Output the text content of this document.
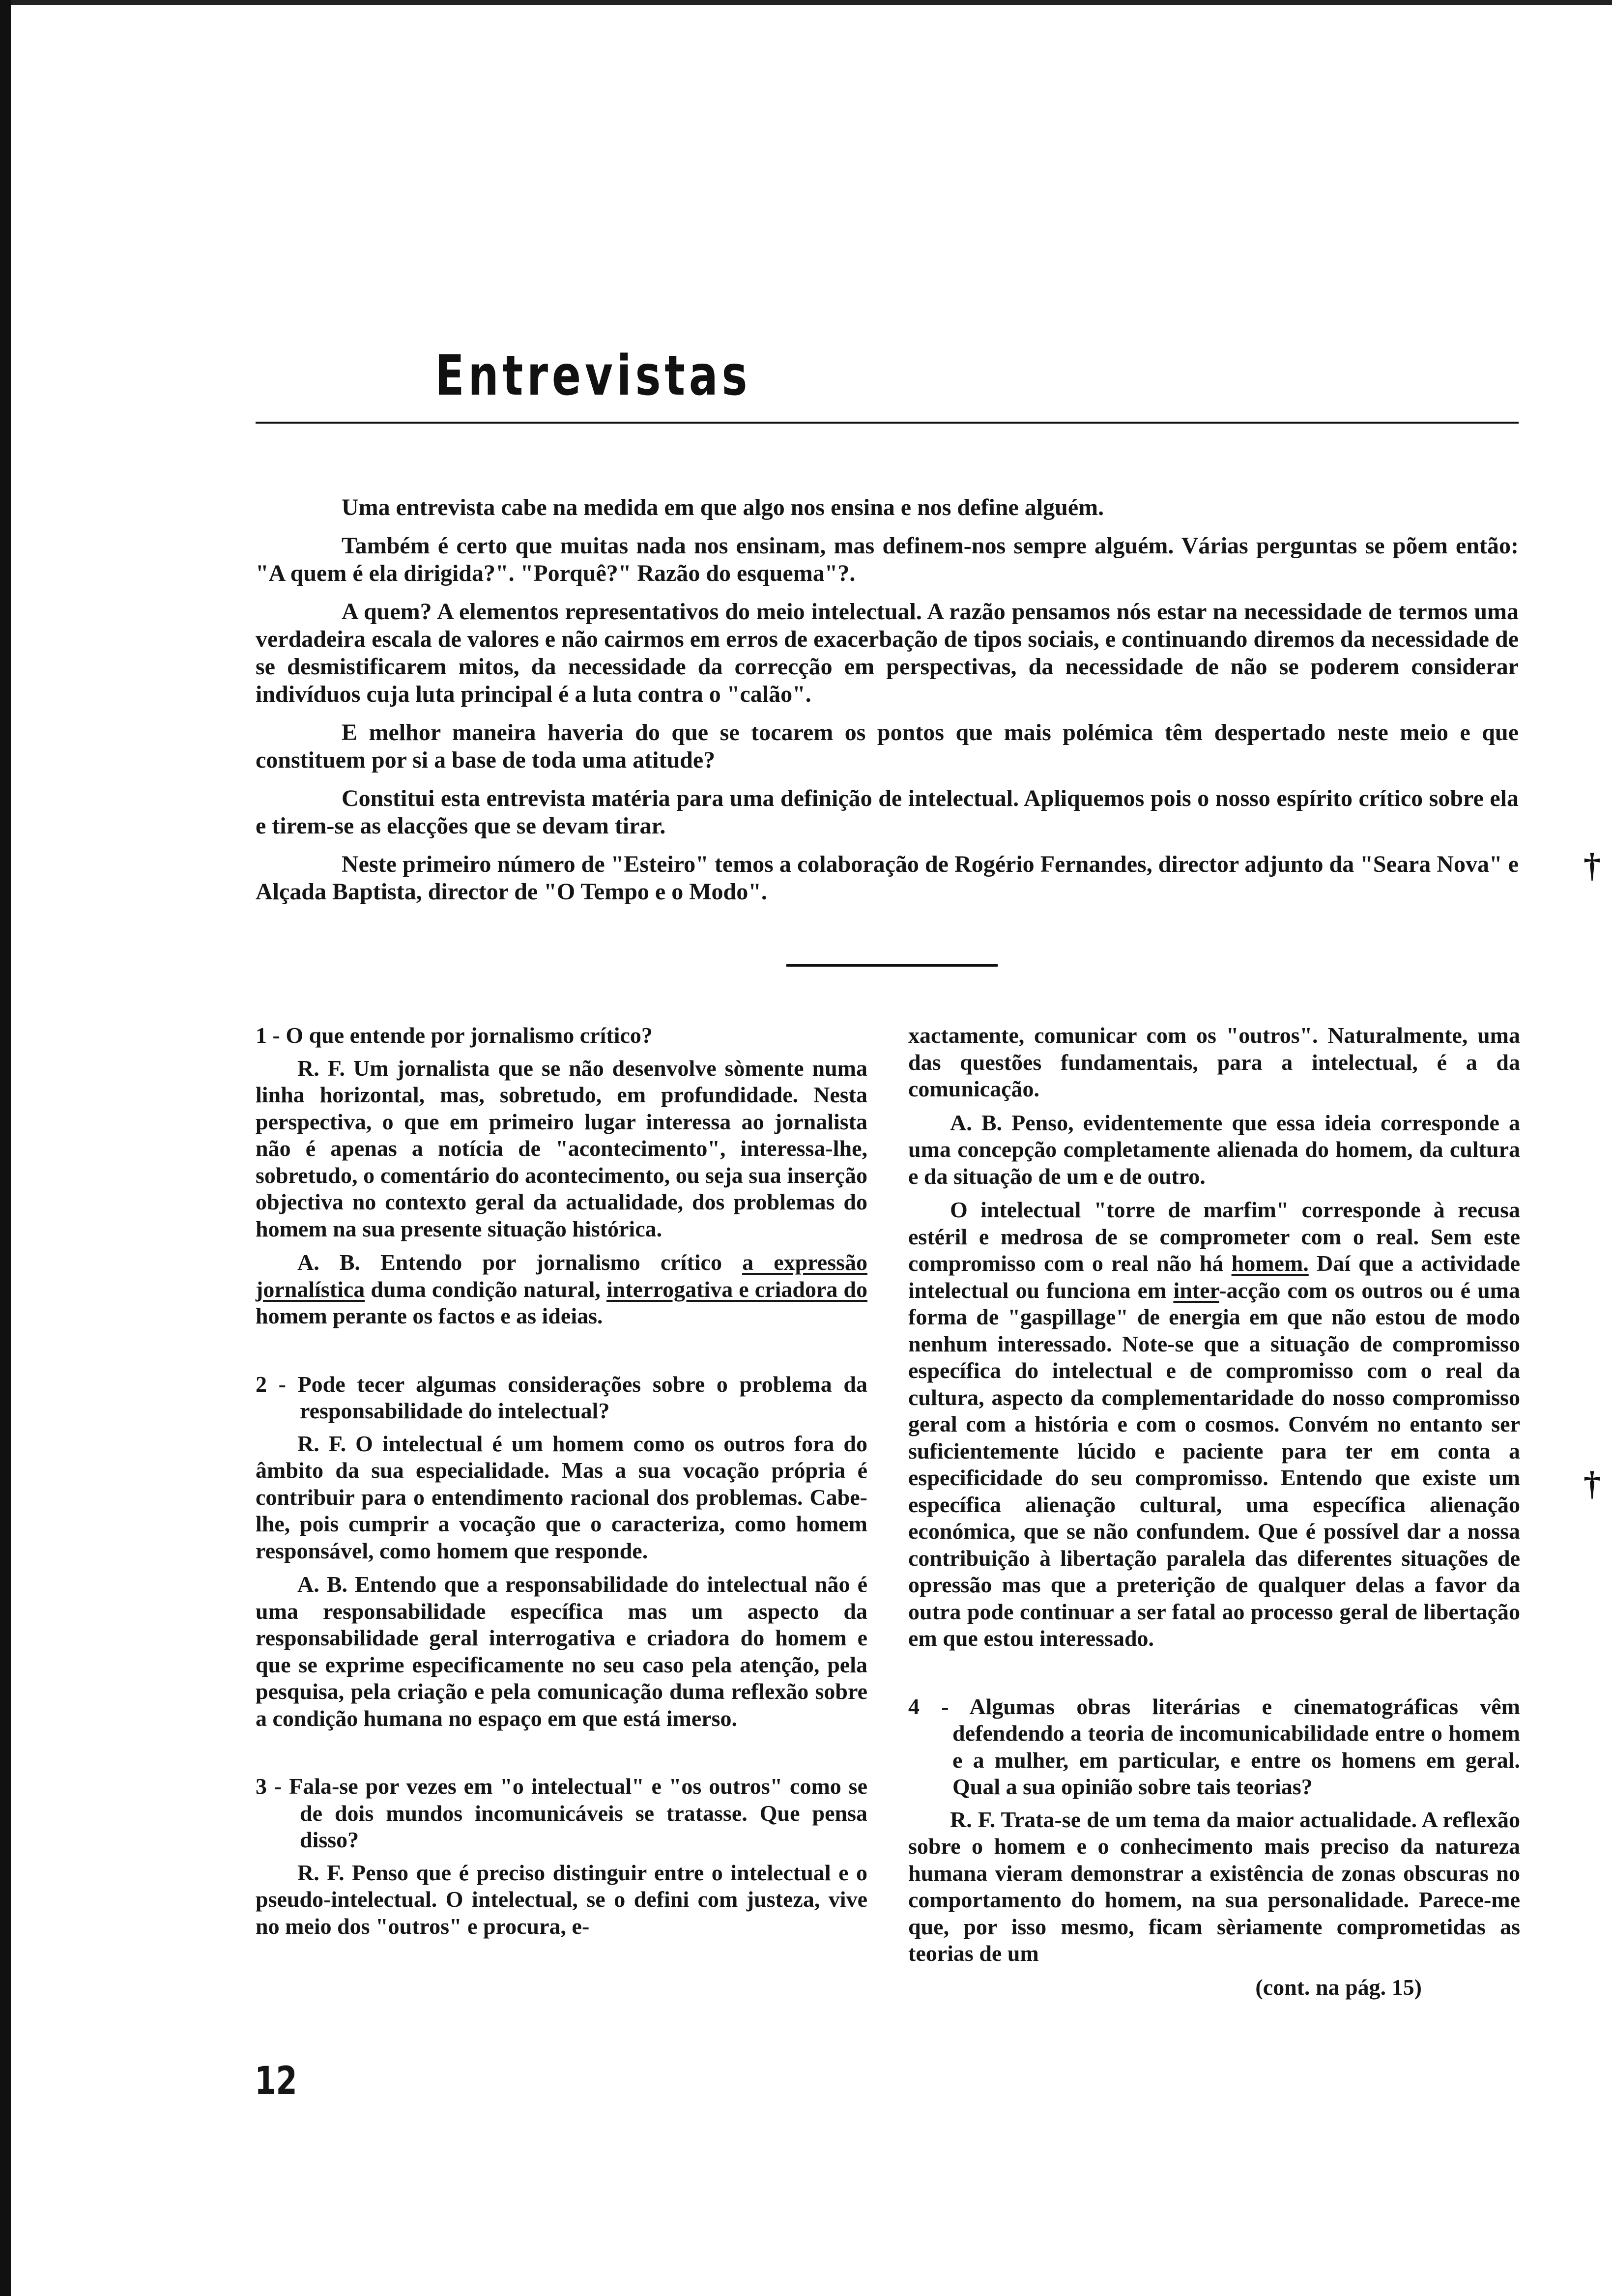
Entrevistas

Uma entrevista cabe na medida em que algo nos ensina e nos define alguém.

Também é certo que muitas nada nos ensinam, mas definem-nos sempre alguém. Várias perguntas se põem então: "A quem é ela dirigida?". "Porquê?" Razão do esquema"?.

A quem? A elementos representativos do meio intelectual. A razão pensamos nós estar na necessidade de termos uma verdadeira escala de valores e não cairmos em erros de exacerbação de tipos sociais, e continuando diremos da necessidade de se desmistificarem mitos, da necessidade da correcção em perspectivas, da necessidade de não se poderem considerar indivíduos cuja luta principal é a luta contra o "calão".

E melhor maneira haveria do que se tocarem os pontos que mais polémica têm despertado neste meio e que constituem por si a base de toda uma atitude?

Constitui esta entrevista matéria para uma definição de intelectual. Apliquemos pois o nosso espírito crítico sobre ela e tirem-se as elacções que se devam tirar.

Neste primeiro número de "Esteiro" temos a colaboração de Rogério Fernandes, director adjunto da "Seara Nova" e Alçada Baptista, director de "O Tempo e o Modo".

1 - O que entende por jornalismo crítico?

R. F. Um jornalista que se não desenvolve sòmente numa linha horizontal, mas, sobretudo, em profundidade. Nesta perspectiva, o que em primeiro lugar interessa ao jornalista não é apenas a notícia de "acontecimento", interessa-lhe, sobretudo, o comentário do acontecimento, ou seja sua inserção objectiva no contexto geral da actualidade, dos problemas do homem na sua presente situação histórica.

A. B. Entendo por jornalismo crítico a expressão jornalística duma condição natural, interrogativa e criadora do homem perante os factos e as ideias.

2 - Pode tecer algumas considerações sobre o problema da responsabilidade do intelectual?

R. F. O intelectual é um homem como os outros fora do âmbito da sua especialidade. Mas a sua vocação própria é contribuir para o entendimento racional dos problemas. Cabe-lhe, pois cumprir a vocação que o caracteriza, como homem responsável, como homem que responde.

A. B. Entendo que a responsabilidade do intelectual não é uma responsabilidade específica mas um aspecto da responsabilidade geral interrogativa e criadora do homem e que se exprime especificamente no seu caso pela atenção, pela pesquisa, pela criação e pela comunicação duma reflexão sobre a condição humana no espaço em que está imerso.

3 - Fala-se por vezes em "o intelectual" e "os outros" como se de dois mundos incomunicáveis se tratasse. Que pensa disso?

R. F. Penso que é preciso distinguir entre o intelectual e o pseudo-intelectual. O intelectual, se o defini com justeza, vive no meio dos "outros" e procura, e-

xactamente, comunicar com os "outros". Naturalmente, uma das questões fundamentais, para a intelectual, é a da comunicação.

A. B. Penso, evidentemente que essa ideia corresponde a uma concepção completamente alienada do homem, da cultura e da situação de um e de outro.

O intelectual "torre de marfim" corresponde à recusa estéril e medrosa de se comprometer com o real. Sem este compromisso com o real não há homem. Daí que a actividade intelectual ou funciona em inter-acção com os outros ou é uma forma de "gaspillage" de energia em que não estou de modo nenhum interessado. Note-se que a situação de compromisso específica do intelectual e de compromisso com o real da cultura, aspecto da complementaridade do nosso compromisso geral com a história e com o cosmos. Convém no entanto ser suficientemente lúcido e paciente para ter em conta a especificidade do seu compromisso. Entendo que existe um específica alienação cultural, uma específica alienação económica, que se não confundem. Que é possível dar a nossa contribuição à libertação paralela das diferentes situações de opressão mas que a preterição de qualquer delas a favor da outra pode continuar a ser fatal ao processo geral de libertação em que estou interessado.

4 - Algumas obras literárias e cinematográficas vêm defendendo a teoria de incomunicabilidade entre o homem e a mulher, em particular, e entre os homens em geral. Qual a sua opinião sobre tais teorias?

R. F. Trata-se de um tema da maior actualidade. A reflexão sobre o homem e o conhecimento mais preciso da natureza humana vieram demonstrar a existência de zonas obscuras no comportamento do homem, na sua personalidade. Parece-me que, por isso mesmo, ficam sèriamente comprometidas as teorias de um

(cont. na pág. 15)

12
†
†
